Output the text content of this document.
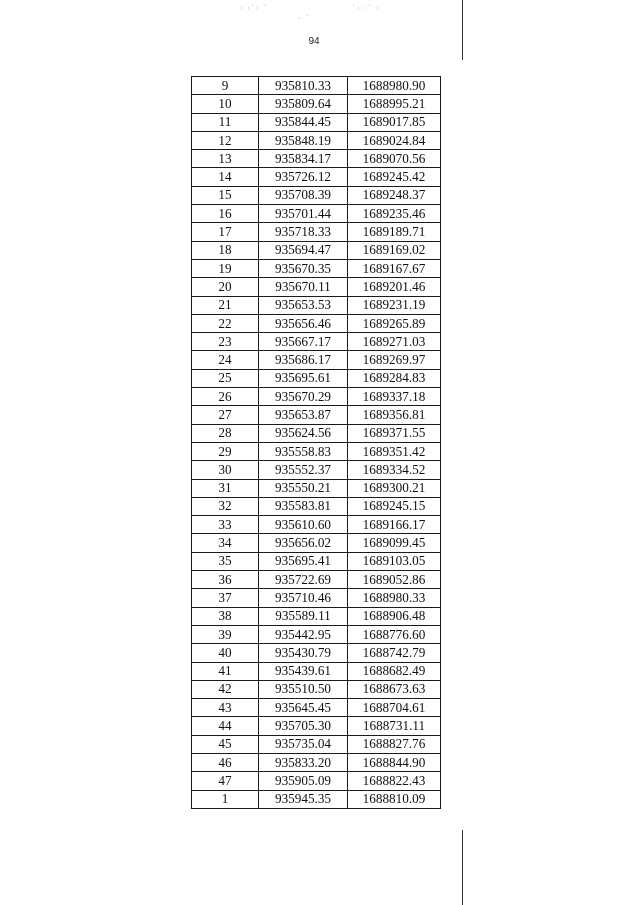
· ·˙· ˙
· ˙
˙· ·˙ ·
94
9	935810.33	1688980.90
10	935809.64	1688995.21
11	935844.45	1689017.85
12	935848.19	1689024.84
13	935834.17	1689070.56
14	935726.12	1689245.42
15	935708.39	1689248.37
16	935701.44	1689235.46
17	935718.33	1689189.71
18	935694.47	1689169.02
19	935670.35	1689167.67
20	935670.11	1689201.46
21	935653.53	1689231.19
22	935656.46	1689265.89
23	935667.17	1689271.03
24	935686.17	1689269.97
25	935695.61	1689284.83
26	935670.29	1689337.18
27	935653.87	1689356.81
28	935624.56	1689371.55
29	935558.83	1689351.42
30	935552.37	1689334.52
31	935550.21	1689300.21
32	935583.81	1689245.15
33	935610.60	1689166.17
34	935656.02	1689099.45
35	935695.41	1689103.05
36	935722.69	1689052.86
37	935710.46	1688980.33
38	935589.11	1688906.48
39	935442.95	1688776.60
40	935430.79	1688742.79
41	935439.61	1688682.49
42	935510.50	1688673.63
43	935645.45	1688704.61
44	935705.30	1688731.11
45	935735.04	1688827.76
46	935833.20	1688844.90
47	935905.09	1688822.43
1	935945.35	1688810.09
